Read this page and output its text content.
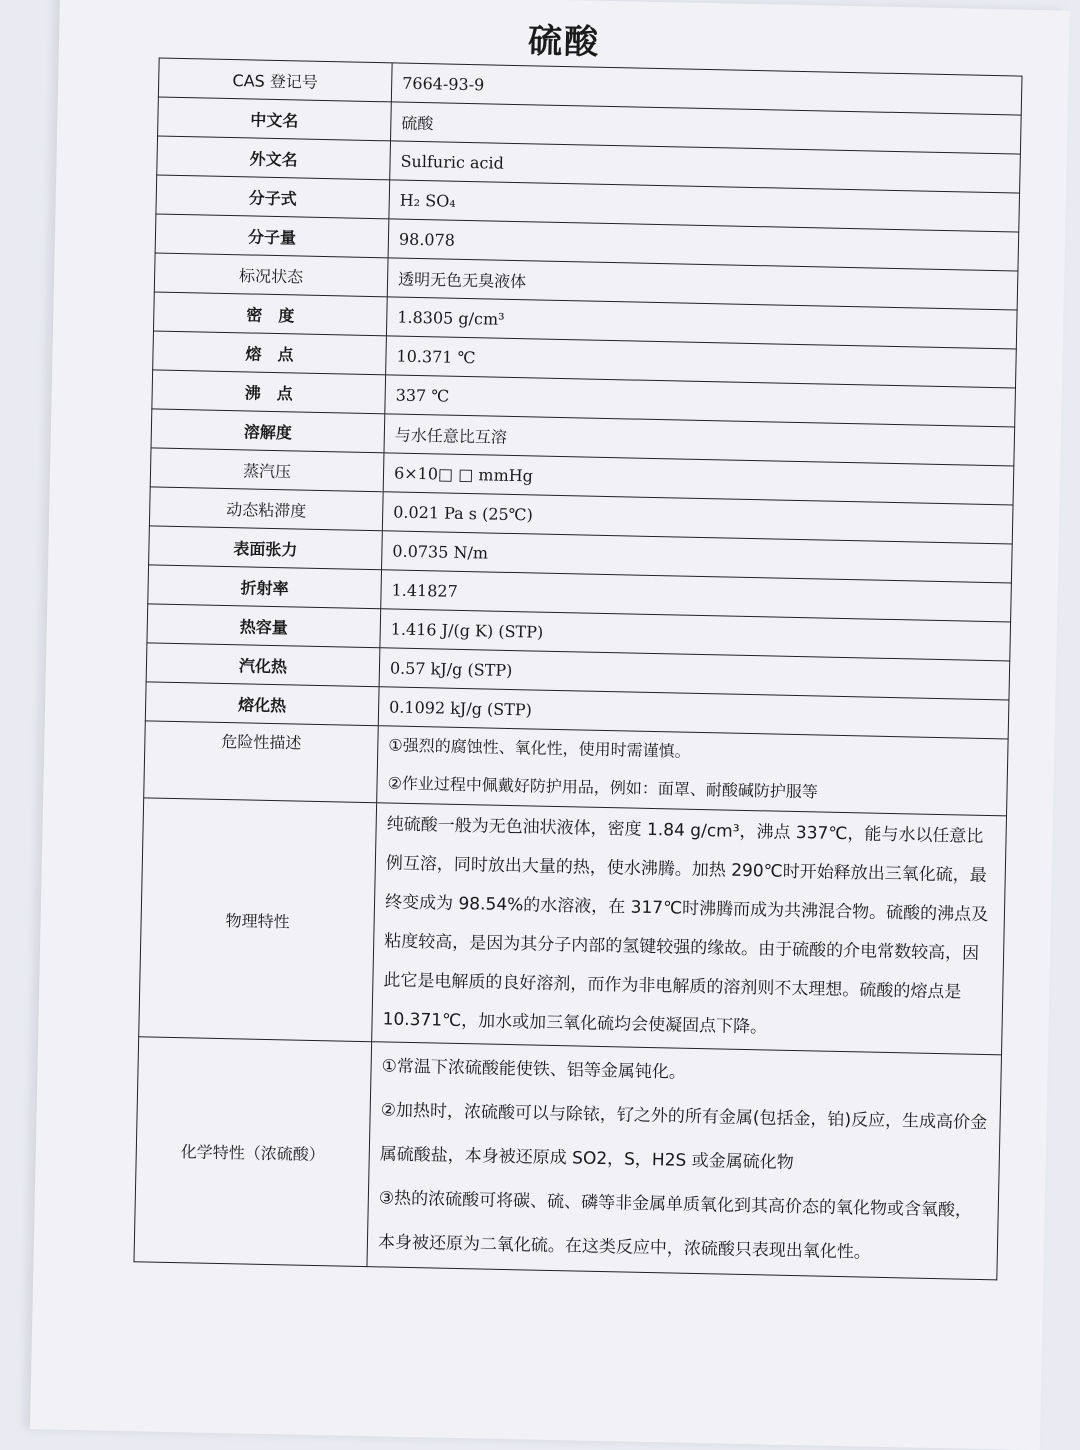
硫酸
CAS 登记号	7664-93-9
中文名	硫酸
外文名	Sulfuric acid
分子式	H₂ SO₄
分子量	98.078
标况状态	透明无色无臭液体
密　度	1.8305 g/cm³
熔　点	10.371 ℃
沸　点	337 ℃
溶解度	与水任意比互溶
蒸汽压	6×10□ □ mmHg
动态粘滞度	0.021 Pa s (25℃)
表面张力	0.0735 N/m
折射率	1.41827
热容量	1.416 J/(g K) (STP)
汽化热	0.57 kJ/g (STP)
熔化热	0.1092 kJ/g (STP)
危险性描述	①强烈的腐蚀性、氧化性，使用时需谨慎。
②作业过程中佩戴好防护用品，例如：面罩、耐酸碱防护服等

物理特性	纯硫酸一般为无色油状液体，密度 1.84 g/cm³，沸点 337℃，能与水以任意比例互溶，同时放出大量的热，使水沸腾。加热 290℃时开始释放出三氧化硫，最终变成为 98.54%的水溶液，在 317℃时沸腾而成为共沸混合物。硫酸的沸点及粘度较高，是因为其分子内部的氢键较强的缘故。由于硫酸的介电常数较高，因此它是电解质的良好溶剂，而作为非电解质的溶剂则不太理想。硫酸的熔点是 10.371℃，加水或加三氧化硫均会使凝固点下降。
化学特性（浓硫酸）	①常温下浓硫酸能使铁、铝等金属钝化。
②加热时，浓硫酸可以与除铱，钌之外的所有金属(包括金，铂)反应，生成高价金属硫酸盐，本身被还原成 SO2，S，H2S 或金属硫化物
③热的浓硫酸可将碳、硫、磷等非金属单质氧化到其高价态的氧化物或含氧酸，本身被还原为二氧化硫。在这类反应中，浓硫酸只表现出氧化性。
